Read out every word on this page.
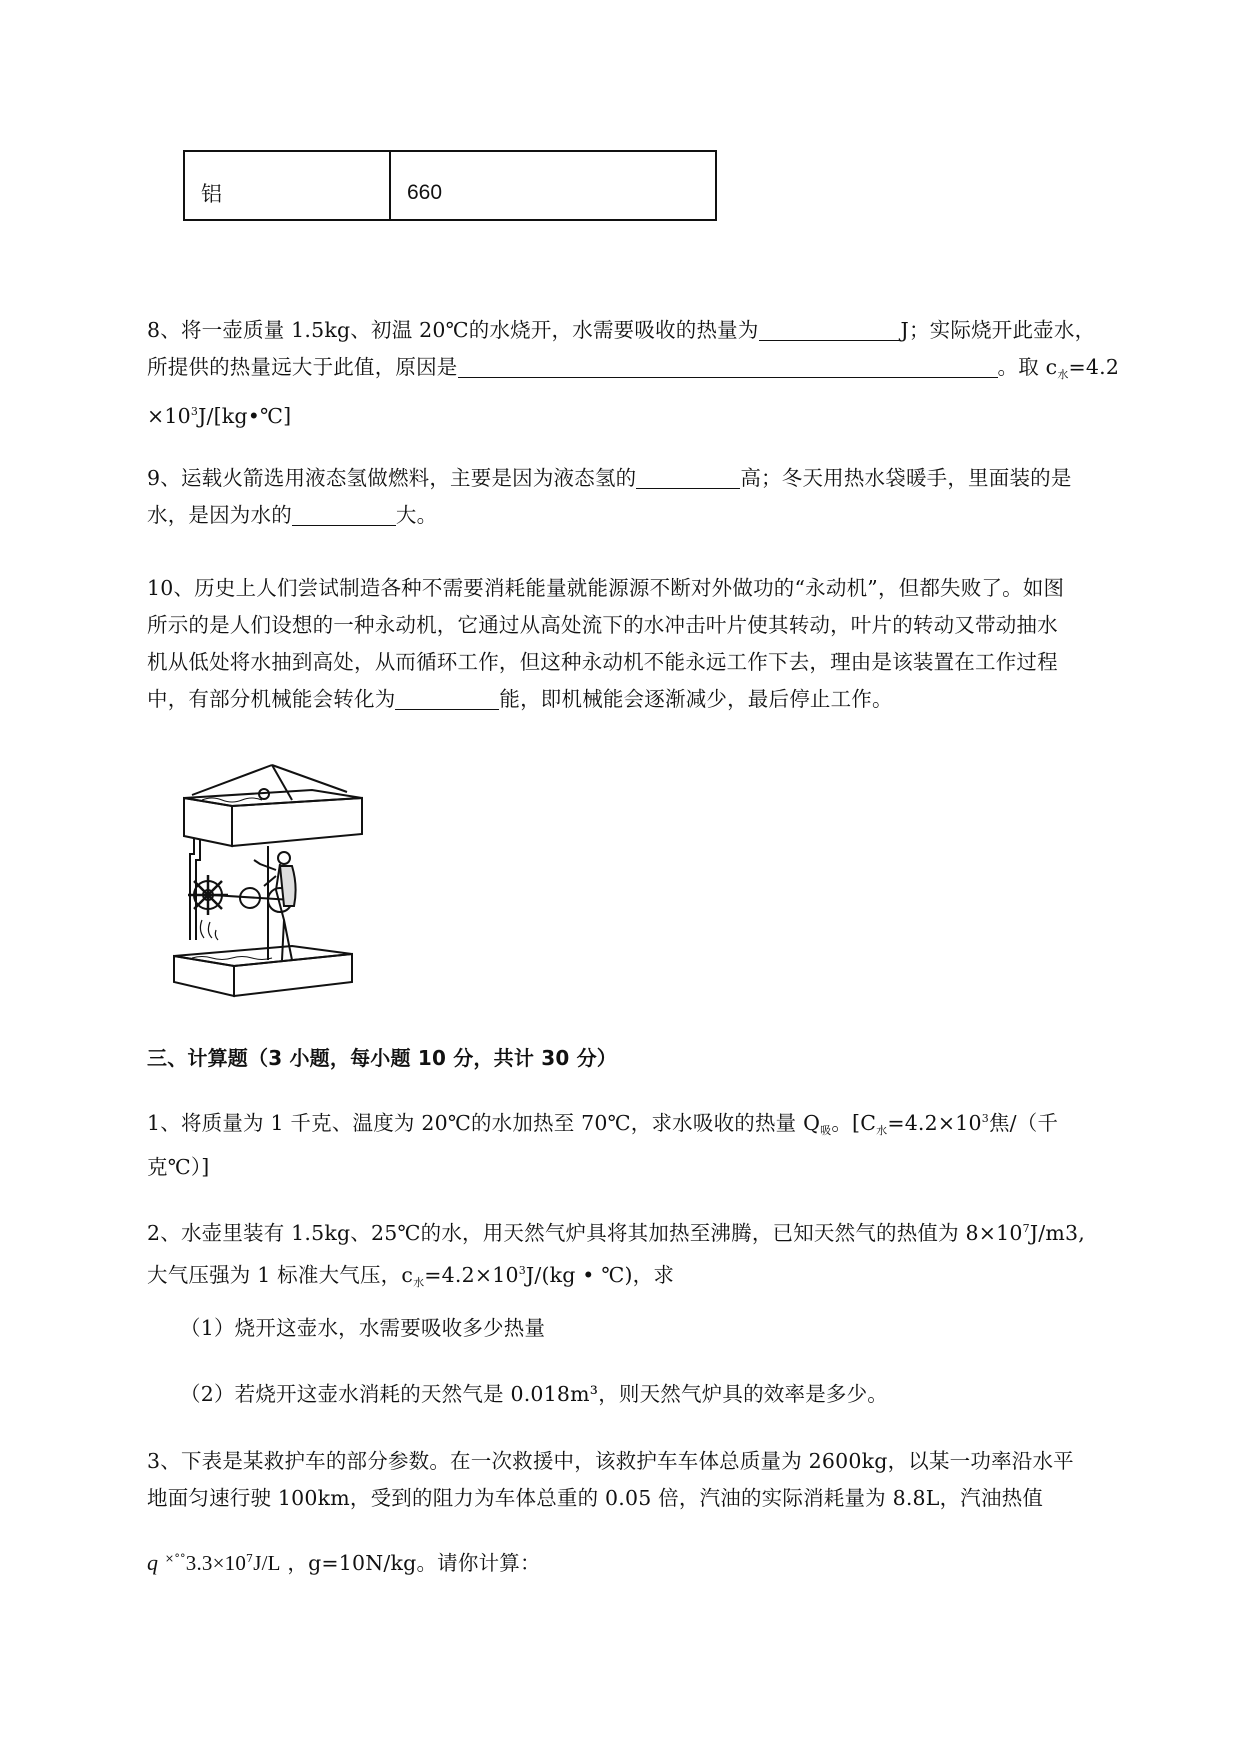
铝	660

8、将一壶质量 1.5kg、初温 20℃的水烧开，水需要吸收的热量为	J；实际烧开此壶水，
所提供的热量远大于此值，原因是	。取 $c_水=4.2$
$\times 10^3J/[kg•℃]$

9、运载火箭选用液态氢做燃料，主要是因为液态氢的	高；冬天用热水袋暖手，里面装的是
水，是因为水的	大。

10、历史上人们尝试制造各种不需要消耗能量就能源源不断对外做功的“永动机”，但都失败了。如图
所示的是人们设想的一种永动机，它通过从高处流下的水冲击叶片使其转动，叶片的转动又带动抽水
机从低处将水抽到高处，从而循环工作，但这种永动机不能永远工作下去，理由是该装置在工作过程
中，有部分机械能会转化为	能，即机械能会逐渐减少，最后停止工作。

三、计算题（3 小题，每小题 10 分，共计 30 分）

1、将质量为 1 千克、温度为 20℃的水加热至 70℃，求水吸收的热量 $Q_吸$。[$C_水=4.2\times 10^3$焦/（千
克℃）]

2、水壶里装有 1.5kg、25℃的水，用天然气炉具将其加热至沸腾，已知天然气的热值为 $8\times 10^7J/m3$,
大气压强为 1 标准大气压，$c_水=4.2\times 10^3J/(kg$ • ℃)，求

（1）烧开这壶水，水需要吸收多少热量

（2）若烧开这壶水消耗的天然气是 0.018m³，则天然气炉具的效率是多少。

3、下表是某救护车的部分参数。在一次救援中，该救护车车体总质量为 2600kg，以某一功率沿水平
地面匀速行驶 100km，受到的阻力为车体总重的 0.05 倍，汽油的实际消耗量为 8.8L，汽油热值

q $^{\times^\circ^\circ}3.3\times 10^7J/L$ ，g=10N/kg。请你计算：
